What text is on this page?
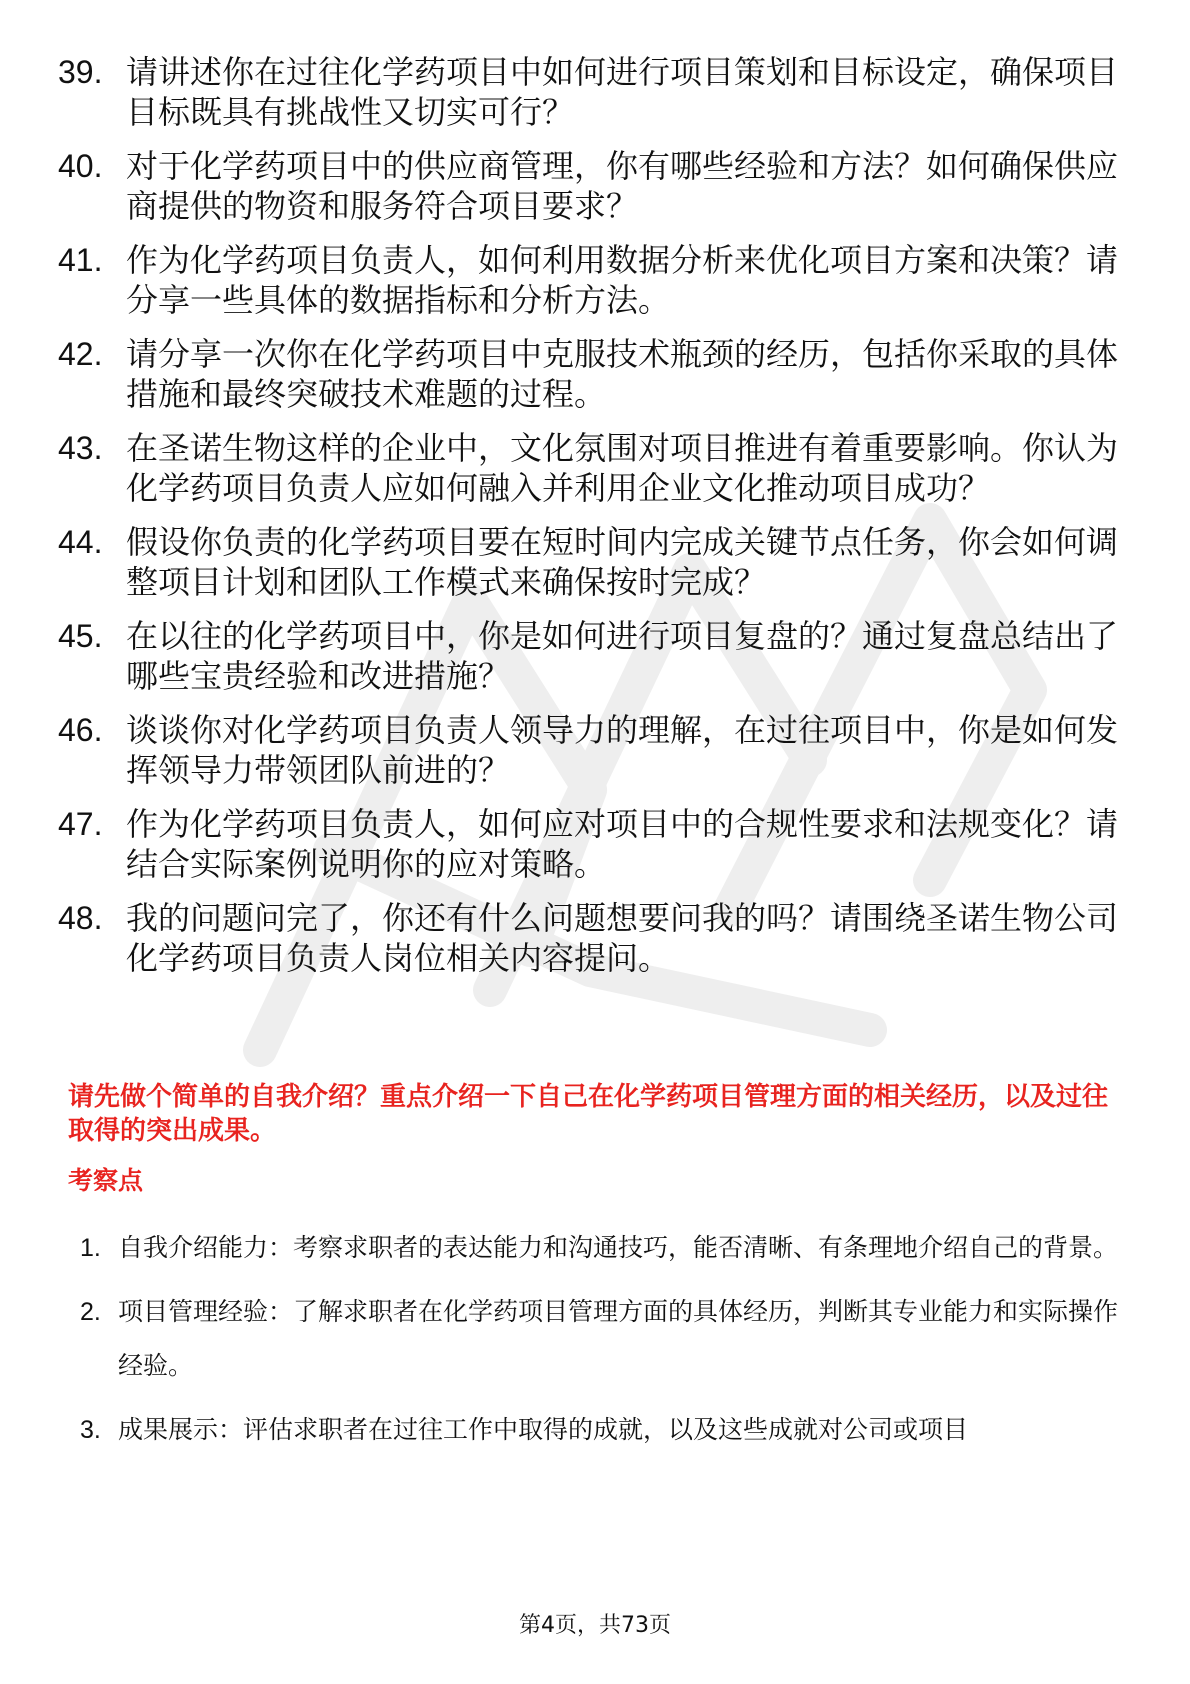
39. 请讲述你在过往化学药项目中如何进行项目策划和目标设定，确保项目目标既具有挑战性又切实可行？
40. 对于化学药项目中的供应商管理，你有哪些经验和方法？如何确保供应商提供的物资和服务符合项目要求？
41. 作为化学药项目负责人，如何利用数据分析来优化项目方案和决策？请分享一些具体的数据指标和分析方法。
42. 请分享一次你在化学药项目中克服技术瓶颈的经历，包括你采取的具体措施和最终突破技术难题的过程。
43. 在圣诺生物这样的企业中，文化氛围对项目推进有着重要影响。你认为化学药项目负责人应如何融入并利用企业文化推动项目成功？
44. 假设你负责的化学药项目要在短时间内完成关键节点任务，你会如何调整项目计划和团队工作模式来确保按时完成？
45. 在以往的化学药项目中，你是如何进行项目复盘的？通过复盘总结出了哪些宝贵经验和改进措施？
46. 谈谈你对化学药项目负责人领导力的理解，在过往项目中，你是如何发挥领导力带领团队前进的？
47. 作为化学药项目负责人，如何应对项目中的合规性要求和法规变化？请结合实际案例说明你的应对策略。
48. 我的问题问完了，你还有什么问题想要问我的吗？请围绕圣诺生物公司化学药项目负责人岗位相关内容提问。

请先做个简单的自我介绍？重点介绍一下自己在化学药项目管理方面的相关经历，以及过往取得的突出成果。

考察点
1. 自我介绍能力：考察求职者的表达能力和沟通技巧，能否清晰、有条理地介绍自己的背景。
2. 项目管理经验：了解求职者在化学药项目管理方面的具体经历，判断其专业能力和实际操作经验。
3. 成果展示：评估求职者在过往工作中取得的成就，以及这些成就对公司或项目
第4页，共73页
